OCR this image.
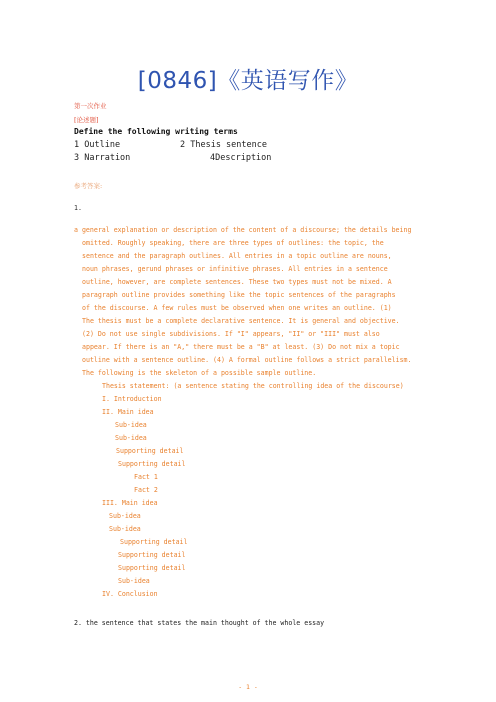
[0846]《英语写作》
第一次作业
[论述题]
Define the following writing terms
1 Outline	2 Thesis sentence
3 Narration	4Description
参考答案:
1.
a general explanation or description of the content of a discourse; the details being
omitted. Roughly speaking, there are three types of outlines: the topic, the
sentence and the paragraph outlines. All entries in a topic outline are nouns,
noun phrases, gerund phrases or infinitive phrases. All entries in a sentence
outline, however, are complete sentences. These two types must not be mixed. A
paragraph outline provides something like the topic sentences of the paragraphs
of the discourse. A few rules must be observed when one writes an outline. (1)
The thesis must be a complete declarative sentence. It is general and objective.
(2) Do not use single subdivisions. If "I" appears, "II" or "III" must also
appear. If there is an "A," there must be a "B" at least. (3) Do not mix a topic
outline with a sentence outline. (4) A formal outline follows a strict parallelism.
The following is the skeleton of a possible sample outline.
Thesis statement: (a sentence stating the controlling idea of the discourse)
I. Introduction
II. Main idea
Sub-idea
Sub-idea
Supporting detail
Supporting detail
Fact 1
Fact 2
III. Main idea
Sub-idea
Sub-idea
Supporting detail
Supporting detail
Supporting detail
Sub-idea
IV. Conclusion
2. the sentence that states the main thought of the whole essay
- 1 -
